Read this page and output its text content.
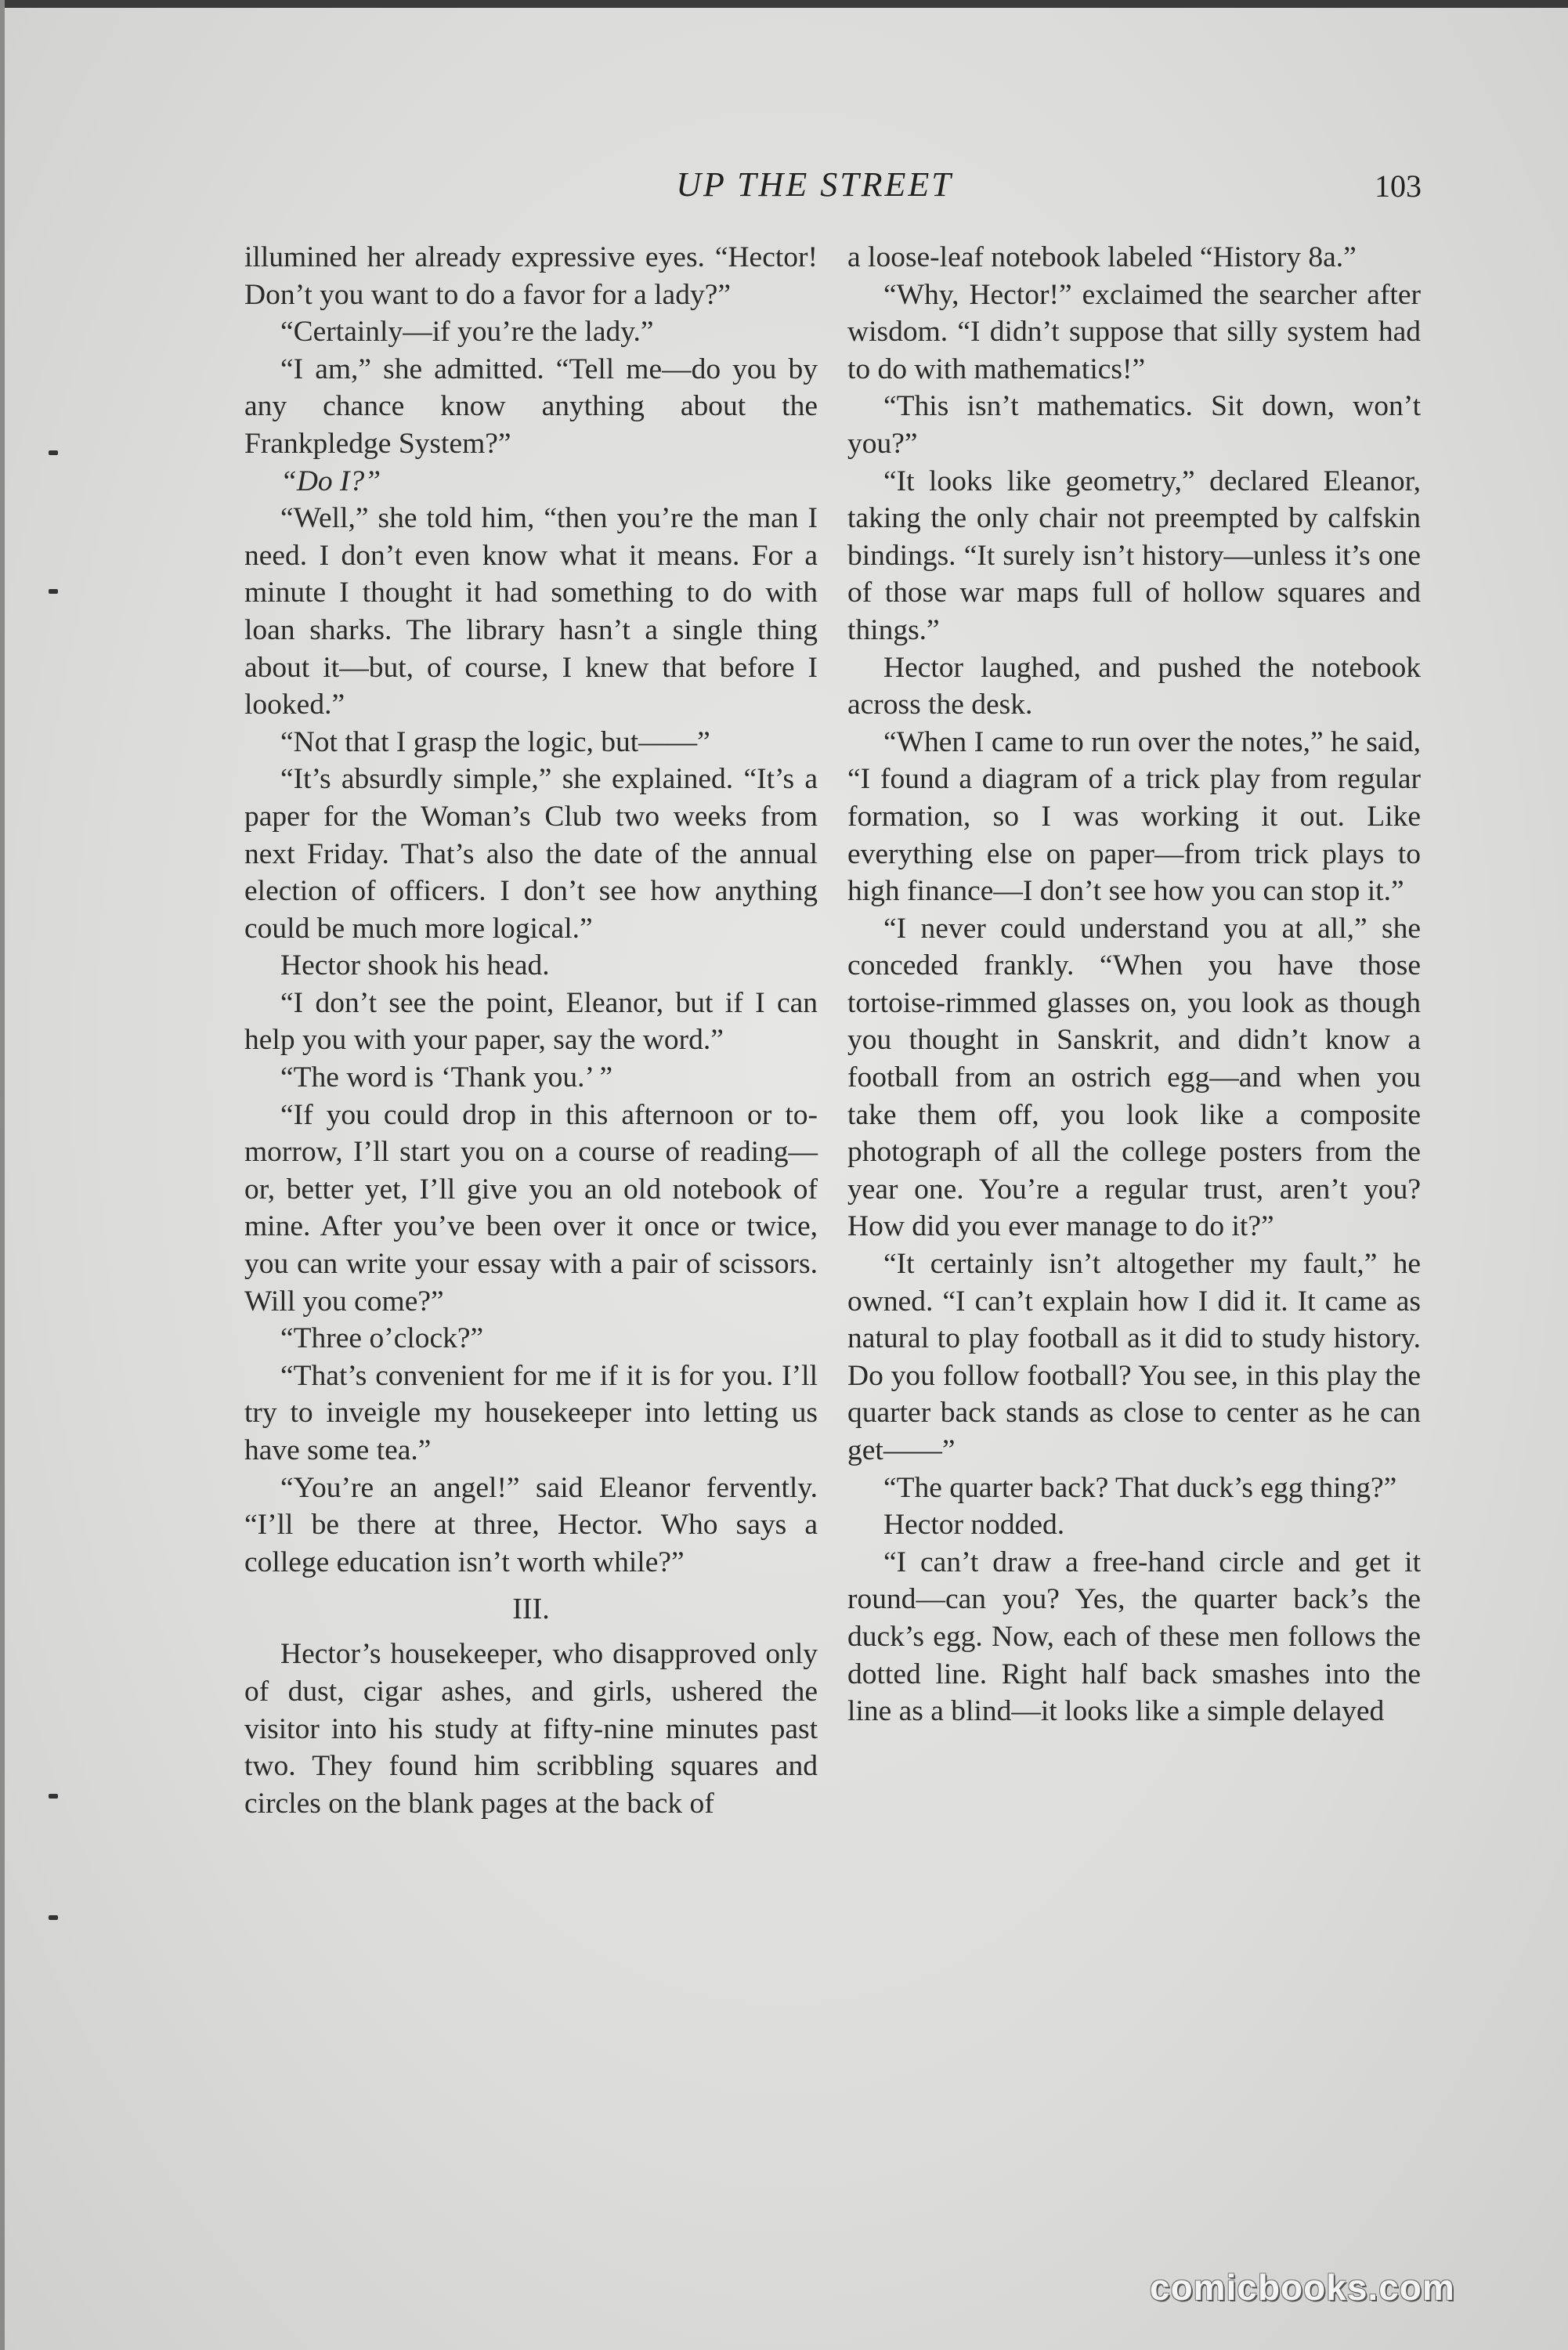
UP THE STREET	103

illumined her already expressive eyes. “Hector! Don’t you want to do a favor for a lady?”

“Certainly—if you’re the lady.”

“I am,” she admitted. “Tell me—do you by any chance know anything about the Frankpledge System?”

“Do I?”

“Well,” she told him, “then you’re the man I need. I don’t even know what it means. For a minute I thought it had something to do with loan sharks. The library hasn’t a single thing about it—but, of course, I knew that before I looked.”

“Not that I grasp the logic, but——”

“It’s absurdly simple,” she explained. “It’s a paper for the Woman’s Club two weeks from next Friday. That’s also the date of the annual election of officers. I don’t see how anything could be much more logical.”

Hector shook his head.

“I don’t see the point, Eleanor, but if I can help you with your paper, say the word.”

“The word is ‘Thank you.’ ”

“If you could drop in this afternoon or to-morrow, I’ll start you on a course of reading—or, better yet, I’ll give you an old notebook of mine. After you’ve been over it once or twice, you can write your essay with a pair of scissors. Will you come?”

“Three o’clock?”

“That’s convenient for me if it is for you. I’ll try to inveigle my housekeeper into letting us have some tea.”

“You’re an angel!” said Eleanor fervently. “I’ll be there at three, Hector. Who says a college education isn’t worth while?”

III.

Hector’s housekeeper, who disapproved only of dust, cigar ashes, and girls, ushered the visitor into his study at fifty-nine minutes past two. They found him scribbling squares and circles on the blank pages at the back of

a loose-leaf notebook labeled “History 8a.”

“Why, Hector!” exclaimed the searcher after wisdom. “I didn’t suppose that silly system had to do with mathematics!”

“This isn’t mathematics. Sit down, won’t you?”

“It looks like geometry,” declared Eleanor, taking the only chair not preempted by calfskin bindings. “It surely isn’t history—unless it’s one of those war maps full of hollow squares and things.”

Hector laughed, and pushed the notebook across the desk.

“When I came to run over the notes,” he said, “I found a diagram of a trick play from regular formation, so I was working it out. Like everything else on paper—from trick plays to high finance—I don’t see how you can stop it.”

“I never could understand you at all,” she conceded frankly. “When you have those tortoise-rimmed glasses on, you look as though you thought in Sanskrit, and didn’t know a football from an ostrich egg—and when you take them off, you look like a composite photograph of all the college posters from the year one. You’re a regular trust, aren’t you? How did you ever manage to do it?”

“It certainly isn’t altogether my fault,” he owned. “I can’t explain how I did it. It came as natural to play football as it did to study history. Do you follow football? You see, in this play the quarter back stands as close to center as he can get——”

“The quarter back? That duck’s egg thing?”

Hector nodded.

“I can’t draw a free-hand circle and get it round—can you? Yes, the quarter back’s the duck’s egg. Now, each of these men follows the dotted line. Right half back smashes into the line as a blind—it looks like a simple delayed

comicbooks.com
